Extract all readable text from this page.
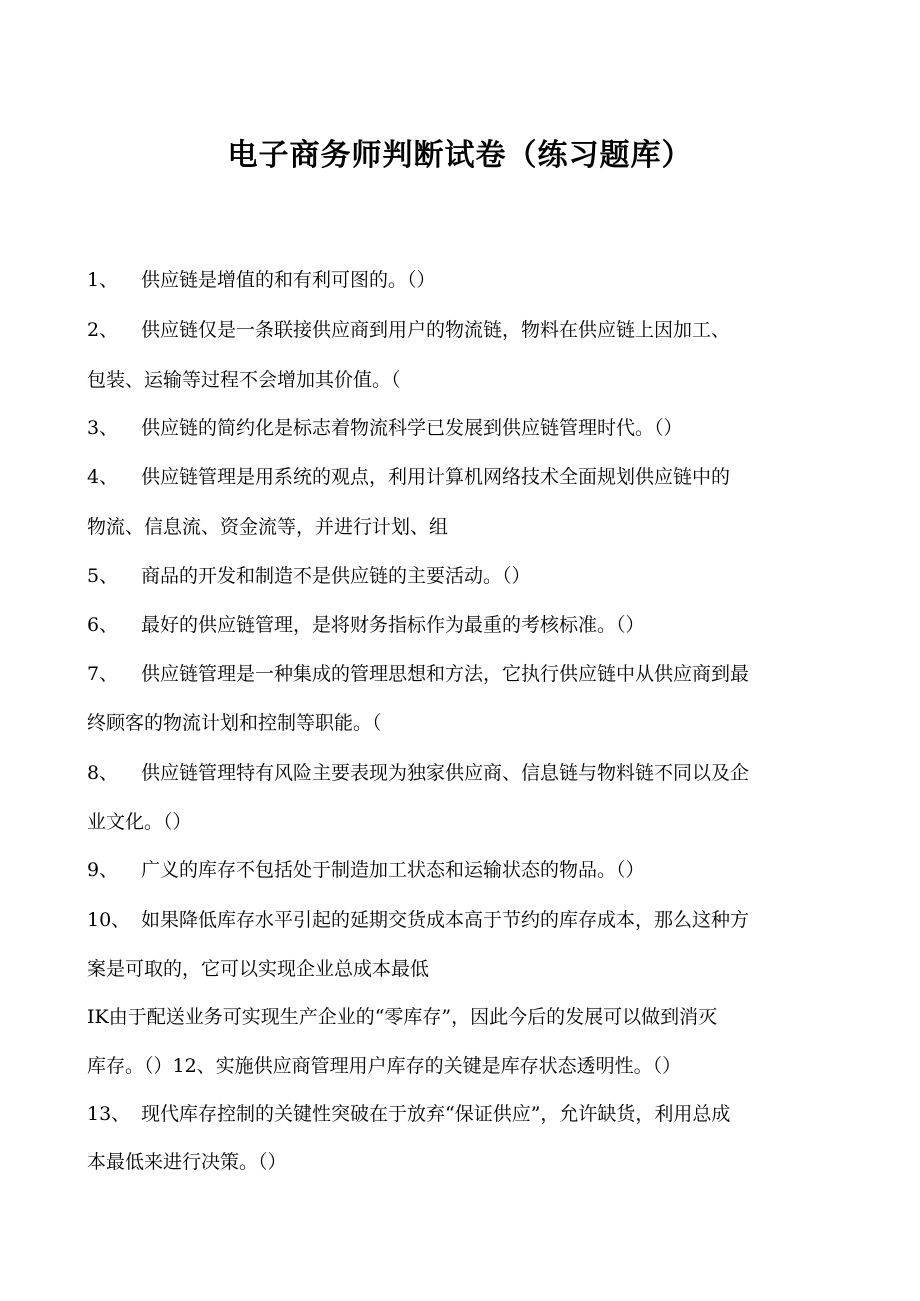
电子商务师判断试卷（练习题库）
1、 供应链是增值的和有利可图的。（）
2、 供应链仅是一条联接供应商到用户的物流链，物料在供应链上因加工、
包装、运输等过程不会增加其价值。（
3、 供应链的简约化是标志着物流科学已发展到供应链管理时代。（）
4、 供应链管理是用系统的观点，利用计算机网络技术全面规划供应链中的
物流、信息流、资金流等，并进行计划、组
5、 商品的开发和制造不是供应链的主要活动。（）
6、 最好的供应链管理，是将财务指标作为最重的考核标准。（）
7、 供应链管理是一种集成的管理思想和方法，它执行供应链中从供应商到最
终顾客的物流计划和控制等职能。（
8、 供应链管理特有风险主要表现为独家供应商、信息链与物料链不同以及企
业文化。（）
9、 广义的库存不包括处于制造加工状态和运输状态的物品。（）
10、 如果降低库存水平引起的延期交货成本高于节约的库存成本，那么这种方
案是可取的，它可以实现企业总成本最低
IK由于配送业务可实现生产企业的“零库存”，因此今后的发展可以做到消灭
库存。（）12、实施供应商管理用户库存的关键是库存状态透明性。（）
13、 现代库存控制的关键性突破在于放弃“保证供应”，允许缺货，利用总成
本最低来进行决策。（）
